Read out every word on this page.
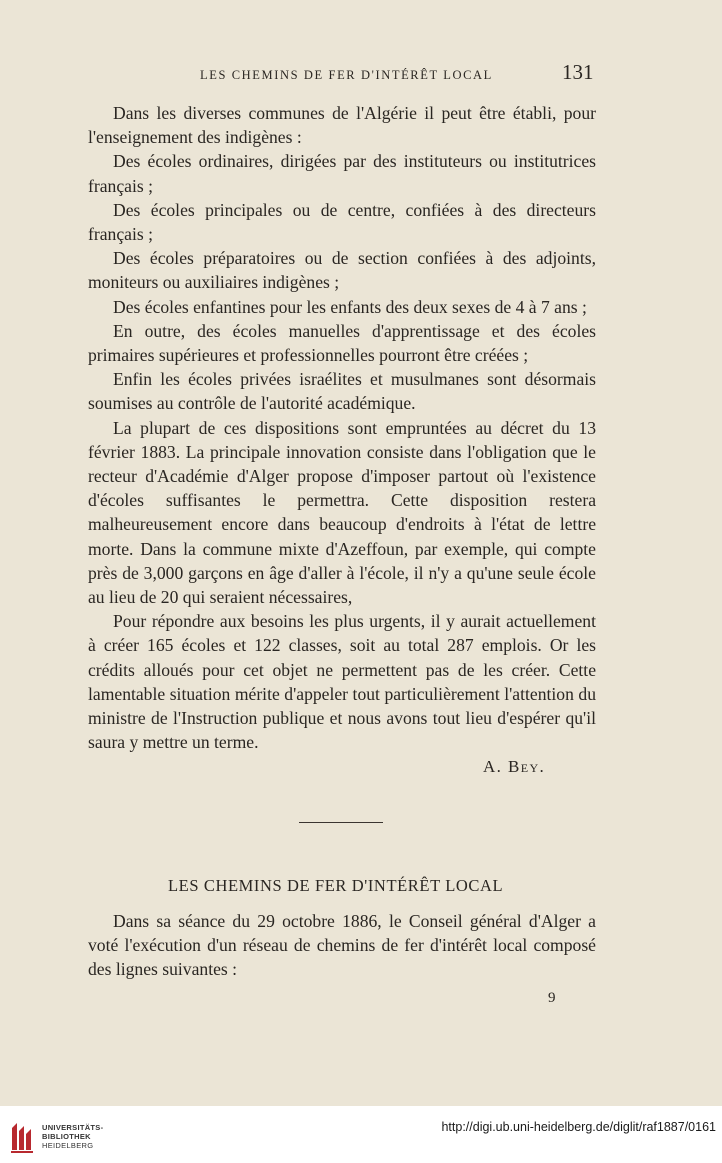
LES CHEMINS DE FER D'INTÉRÊT LOCAL	131

Dans les diverses communes de l'Algérie il peut être établi, pour l'enseignement des indigènes :

Des écoles ordinaires, dirigées par des instituteurs ou institutrices français ;

Des écoles principales ou de centre, confiées à des directeurs français ;

Des écoles préparatoires ou de section confiées à des adjoints, moniteurs ou auxiliaires indigènes ;

Des écoles enfantines pour les enfants des deux sexes de 4 à 7 ans ;

En outre, des écoles manuelles d'apprentissage et des écoles primaires supérieures et professionnelles pourront être créées ;

Enfin les écoles privées israélites et musulmanes sont désormais soumises au contrôle de l'autorité académique.

La plupart de ces dispositions sont empruntées au décret du 13 février 1883. La principale innovation consiste dans l'obligation que le recteur d'Académie d'Alger propose d'imposer partout où l'existence d'écoles suffisantes le permettra. Cette disposition restera malheureusement encore dans beaucoup d'endroits à l'état de lettre morte. Dans la commune mixte d'Azeffoun, par exemple, qui compte près de 3,000 garçons en âge d'aller à l'école, il n'y a qu'une seule école au lieu de 20 qui seraient nécessaires,

Pour répondre aux besoins les plus urgents, il y aurait actuellement à créer 165 écoles et 122 classes, soit au total 287 emplois. Or les crédits alloués pour cet objet ne permettent pas de les créer. Cette lamentable situation mérite d'appeler tout particulièrement l'attention du ministre de l'Instruction publique et nous avons tout lieu d'espérer qu'il saura y mettre un terme.

A. Bey.
LES CHEMINS DE FER D'INTÉRÊT LOCAL

Dans sa séance du 29 octobre 1886, le Conseil général d'Alger a voté l'exécution d'un réseau de chemins de fer d'intérêt local composé des lignes suivantes :

9
UNIVERSITÄTS-
BIBLIOTHEK
HEIDELBERG
http://digi.ub.uni-heidelberg.de/diglit/raf1887/0161
